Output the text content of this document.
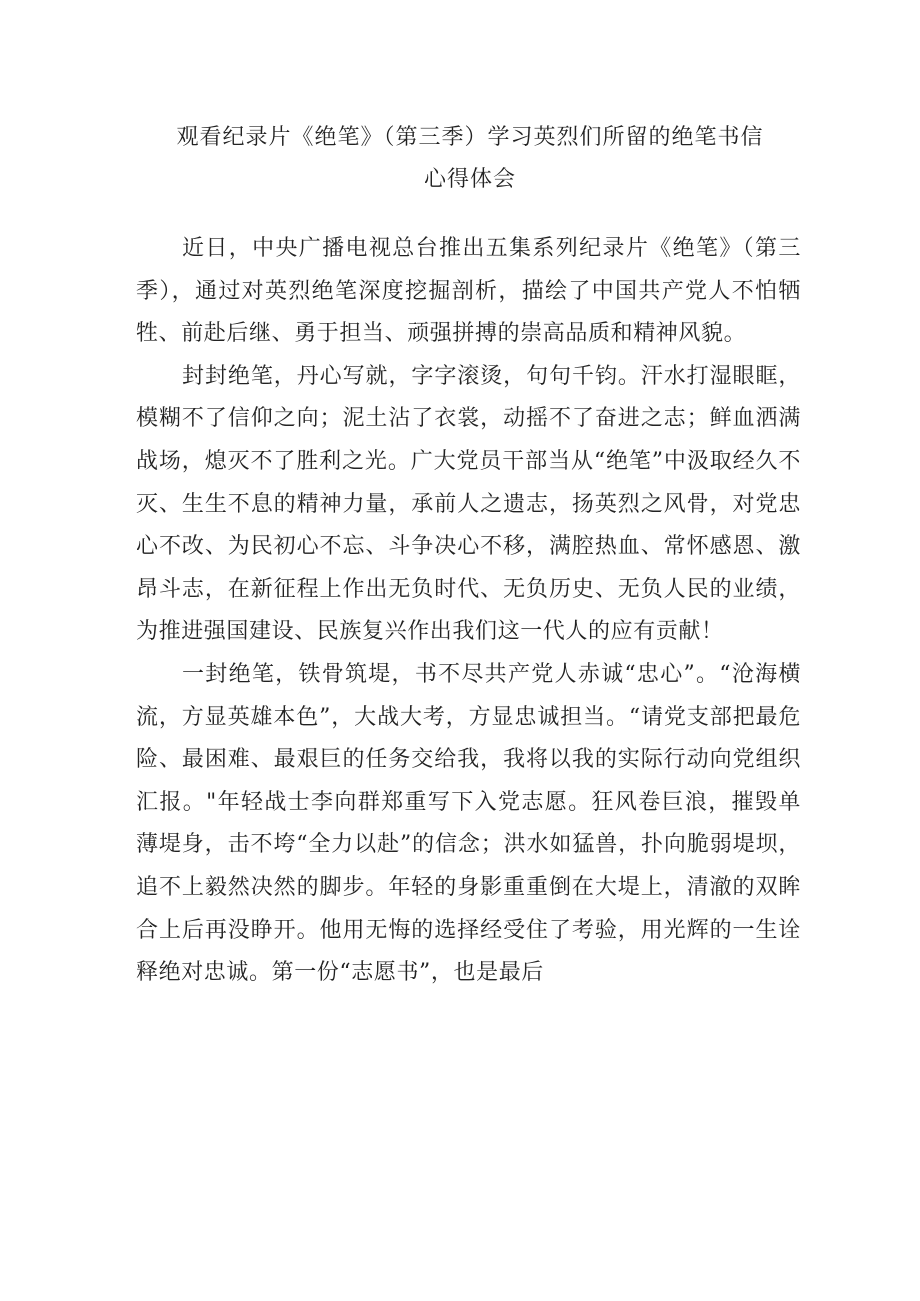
观看纪录片《绝笔》（第三季）学习英烈们所留的绝笔书信
心得体会

近日，中央广播电视总台推出五集系列纪录片《绝笔》（第三季），通过对英烈绝笔深度挖掘剖析，描绘了中国共产党人不怕牺牲、前赴后继、勇于担当、顽强拼搏的崇高品质和精神风貌。

封封绝笔，丹心写就，字字滚烫，句句千钧。汗水打湿眼眶，模糊不了信仰之向；泥土沾了衣裳，动摇不了奋进之志；鲜血洒满战场，熄灭不了胜利之光。广大党员干部当从“绝笔”中汲取经久不灭、生生不息的精神力量，承前人之遗志，扬英烈之风骨，对党忠心不改、为民初心不忘、斗争决心不移，满腔热血、常怀感恩、激昂斗志，在新征程上作出无负时代、无负历史、无负人民的业绩，为推进强国建设、民族复兴作出我们这一代人的应有贡献！

一封绝笔，铁骨筑堤，书不尽共产党人赤诚“忠心”。“沧海横流，方显英雄本色”，大战大考，方显忠诚担当。“请党支部把最危险、最困难、最艰巨的任务交给我，我将以我的实际行动向党组织汇报。"年轻战士李向群郑重写下入党志愿。狂风卷巨浪，摧毁单薄堤身，击不垮“全力以赴”的信念；洪水如猛兽，扑向脆弱堤坝，追不上毅然决然的脚步。年轻的身影重重倒在大堤上，清澈的双眸合上后再没睁开。他用无悔的选择经受住了考验，用光辉的一生诠释绝对忠诚。第一份“志愿书”，也是最后
